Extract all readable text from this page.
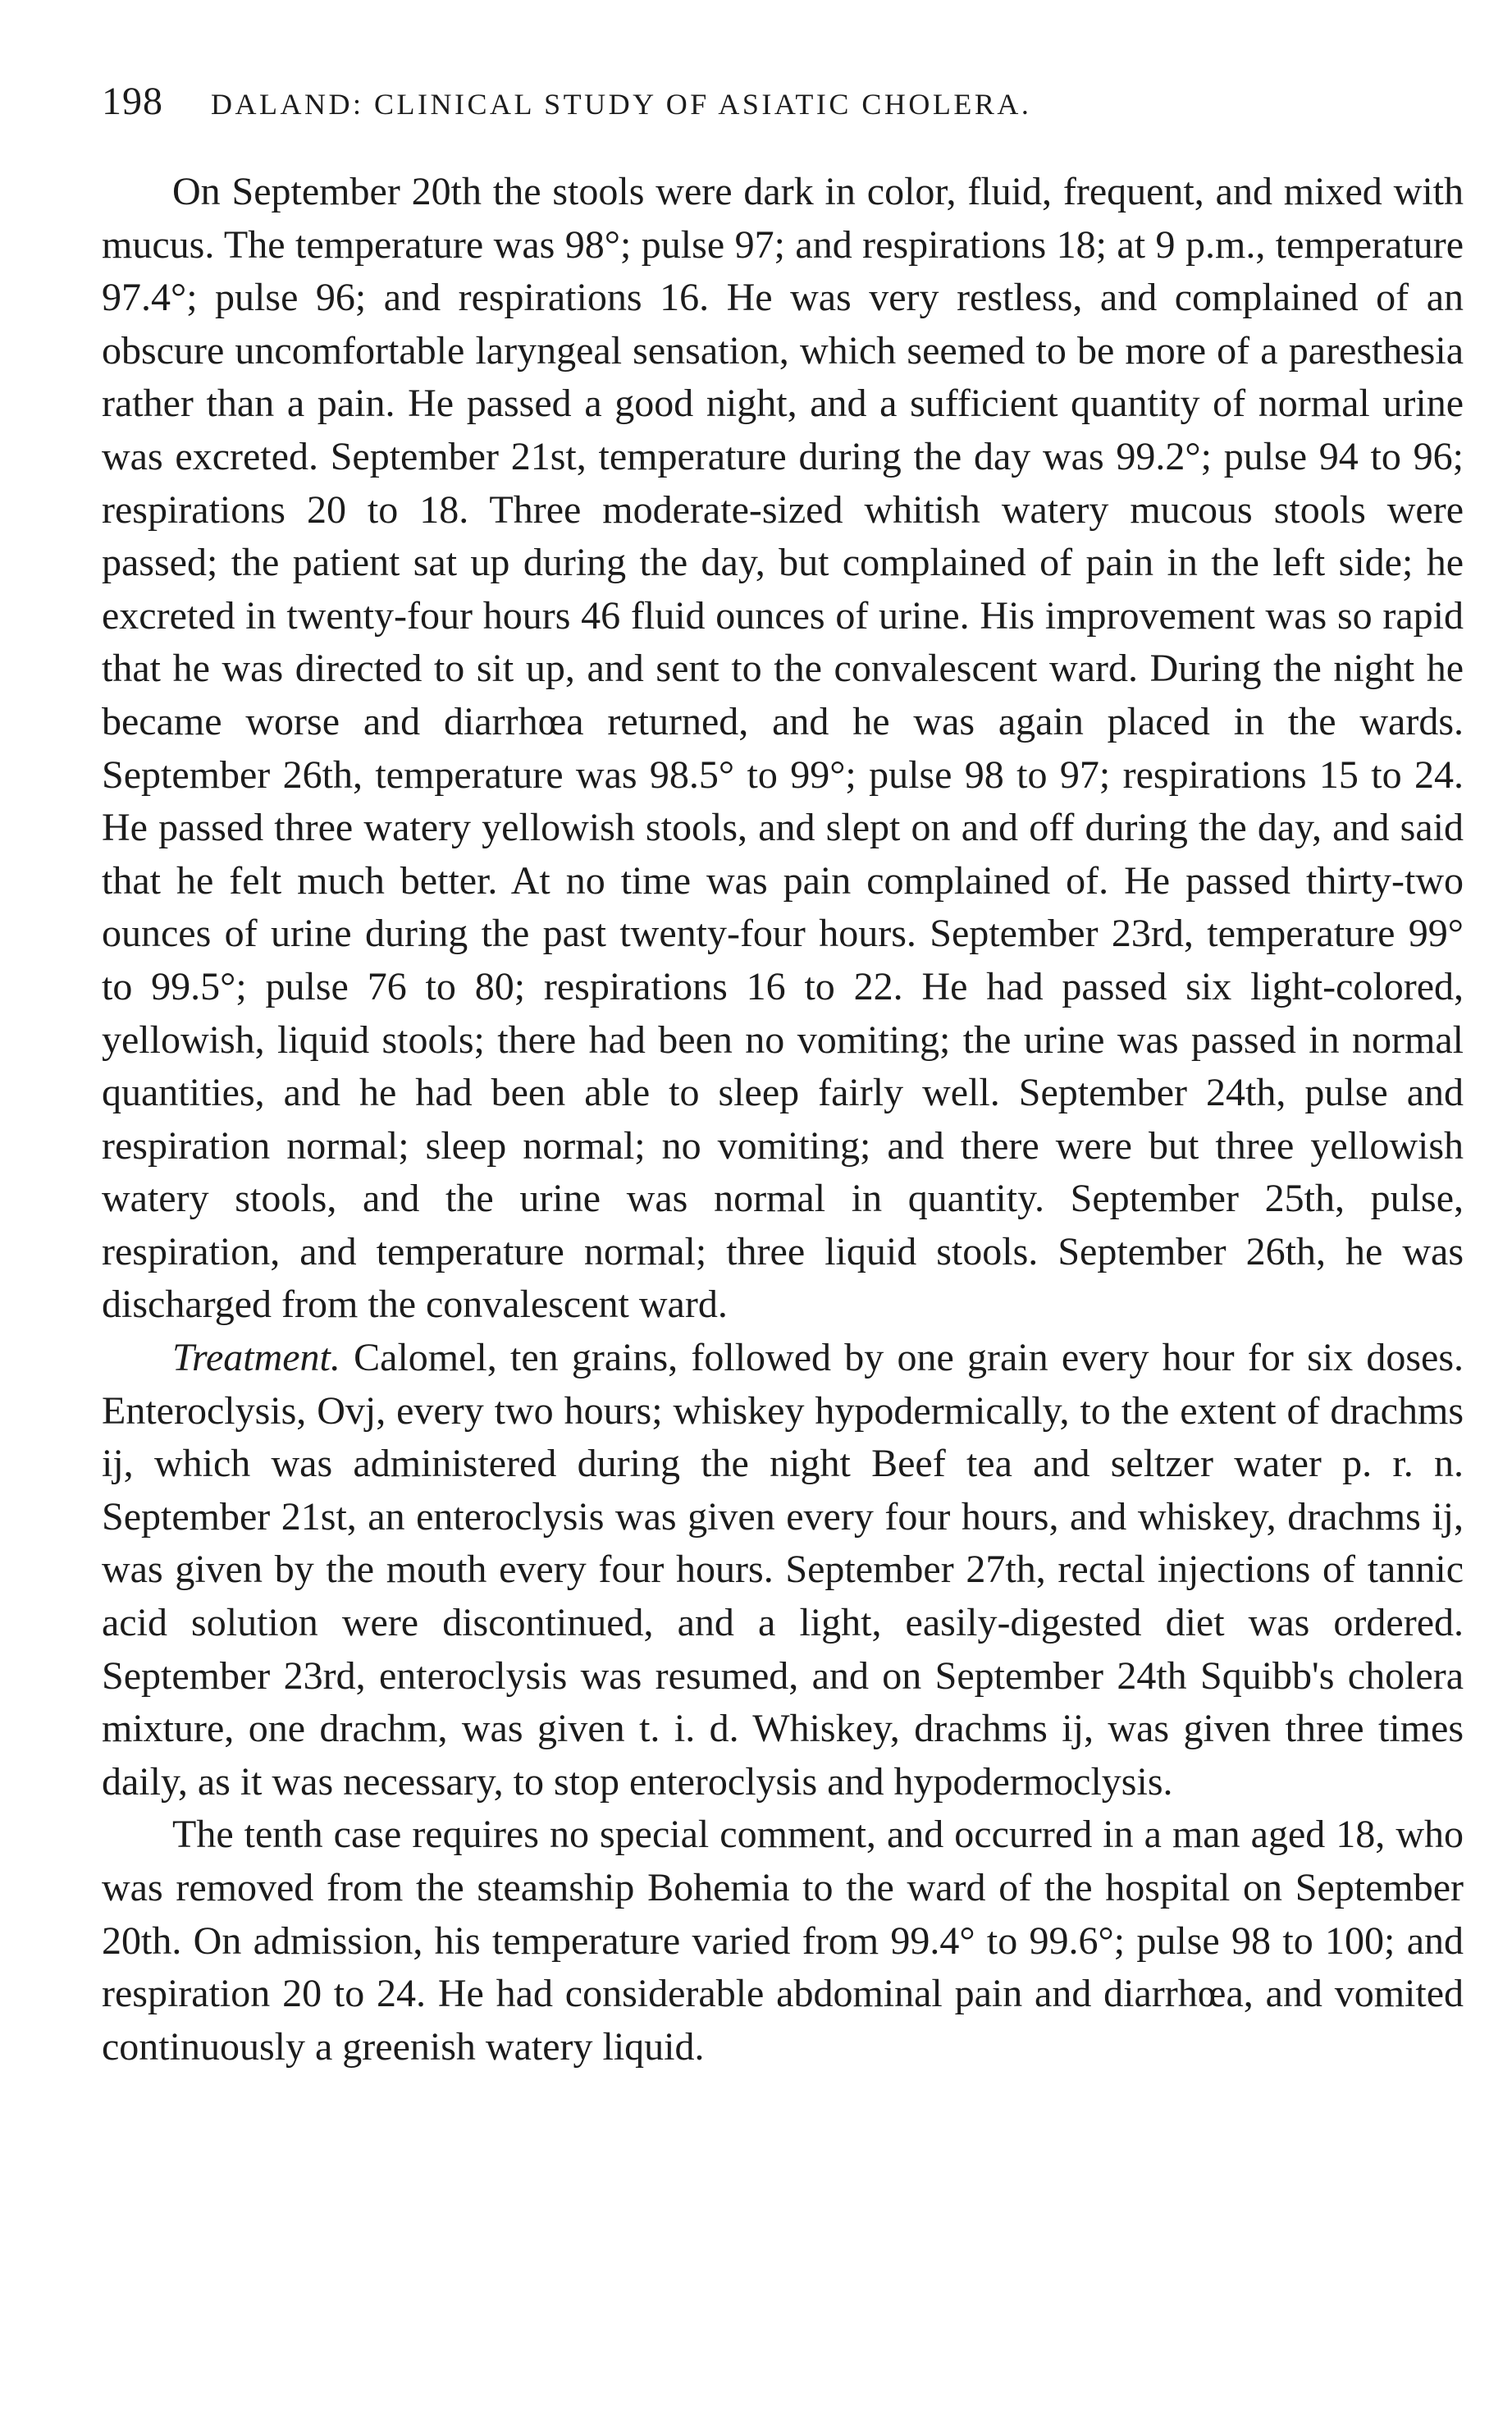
198 DALAND: CLINICAL STUDY OF ASIATIC CHOLERA.

On September 20th the stools were dark in color, fluid, frequent, and mixed with mucus. The temperature was 98°; pulse 97; and respirations 18; at 9 p.m., temperature 97.4°; pulse 96; and respirations 16. He was very restless, and complained of an obscure uncomfortable laryngeal sensation, which seemed to be more of a paresthesia rather than a pain. He passed a good night, and a sufficient quantity of normal urine was excreted. September 21st, temperature during the day was 99.2°; pulse 94 to 96; respirations 20 to 18. Three moderate-sized whitish watery mucous stools were passed; the patient sat up during the day, but complained of pain in the left side; he excreted in twenty-four hours 46 fluid ounces of urine. His improvement was so rapid that he was directed to sit up, and sent to the convalescent ward. During the night he became worse and diarrhœa returned, and he was again placed in the wards. September 26th, temperature was 98.5° to 99°; pulse 98 to 97; respirations 15 to 24. He passed three watery yellowish stools, and slept on and off during the day, and said that he felt much better. At no time was pain complained of. He passed thirty-two ounces of urine during the past twenty-four hours. September 23rd, temperature 99° to 99.5°; pulse 76 to 80; respirations 16 to 22. He had passed six light-colored, yellowish, liquid stools; there had been no vomiting; the urine was passed in normal quantities, and he had been able to sleep fairly well. September 24th, pulse and respiration normal; sleep normal; no vomiting; and there were but three yellowish watery stools, and the urine was normal in quantity. September 25th, pulse, respiration, and temperature normal; three liquid stools. September 26th, he was discharged from the convalescent ward.

Treatment. Calomel, ten grains, followed by one grain every hour for six doses. Enteroclysis, Ovj, every two hours; whiskey hypodermically, to the extent of drachms ij, which was administered during the night Beef tea and seltzer water p. r. n. September 21st, an enteroclysis was given every four hours, and whiskey, drachms ij, was given by the mouth every four hours. September 27th, rectal injections of tannic acid solution were discontinued, and a light, easily-digested diet was ordered. September 23rd, enteroclysis was resumed, and on September 24th Squibb's cholera mixture, one drachm, was given t. i. d. Whiskey, drachms ij, was given three times daily, as it was necessary, to stop enteroclysis and hypodermoclysis.

The tenth case requires no special comment, and occurred in a man aged 18, who was removed from the steamship Bohemia to the ward of the hospital on September 20th. On admission, his temperature varied from 99.4° to 99.6°; pulse 98 to 100; and respiration 20 to 24. He had considerable abdominal pain and diarrhœa, and vomited continuously a greenish watery liquid.
